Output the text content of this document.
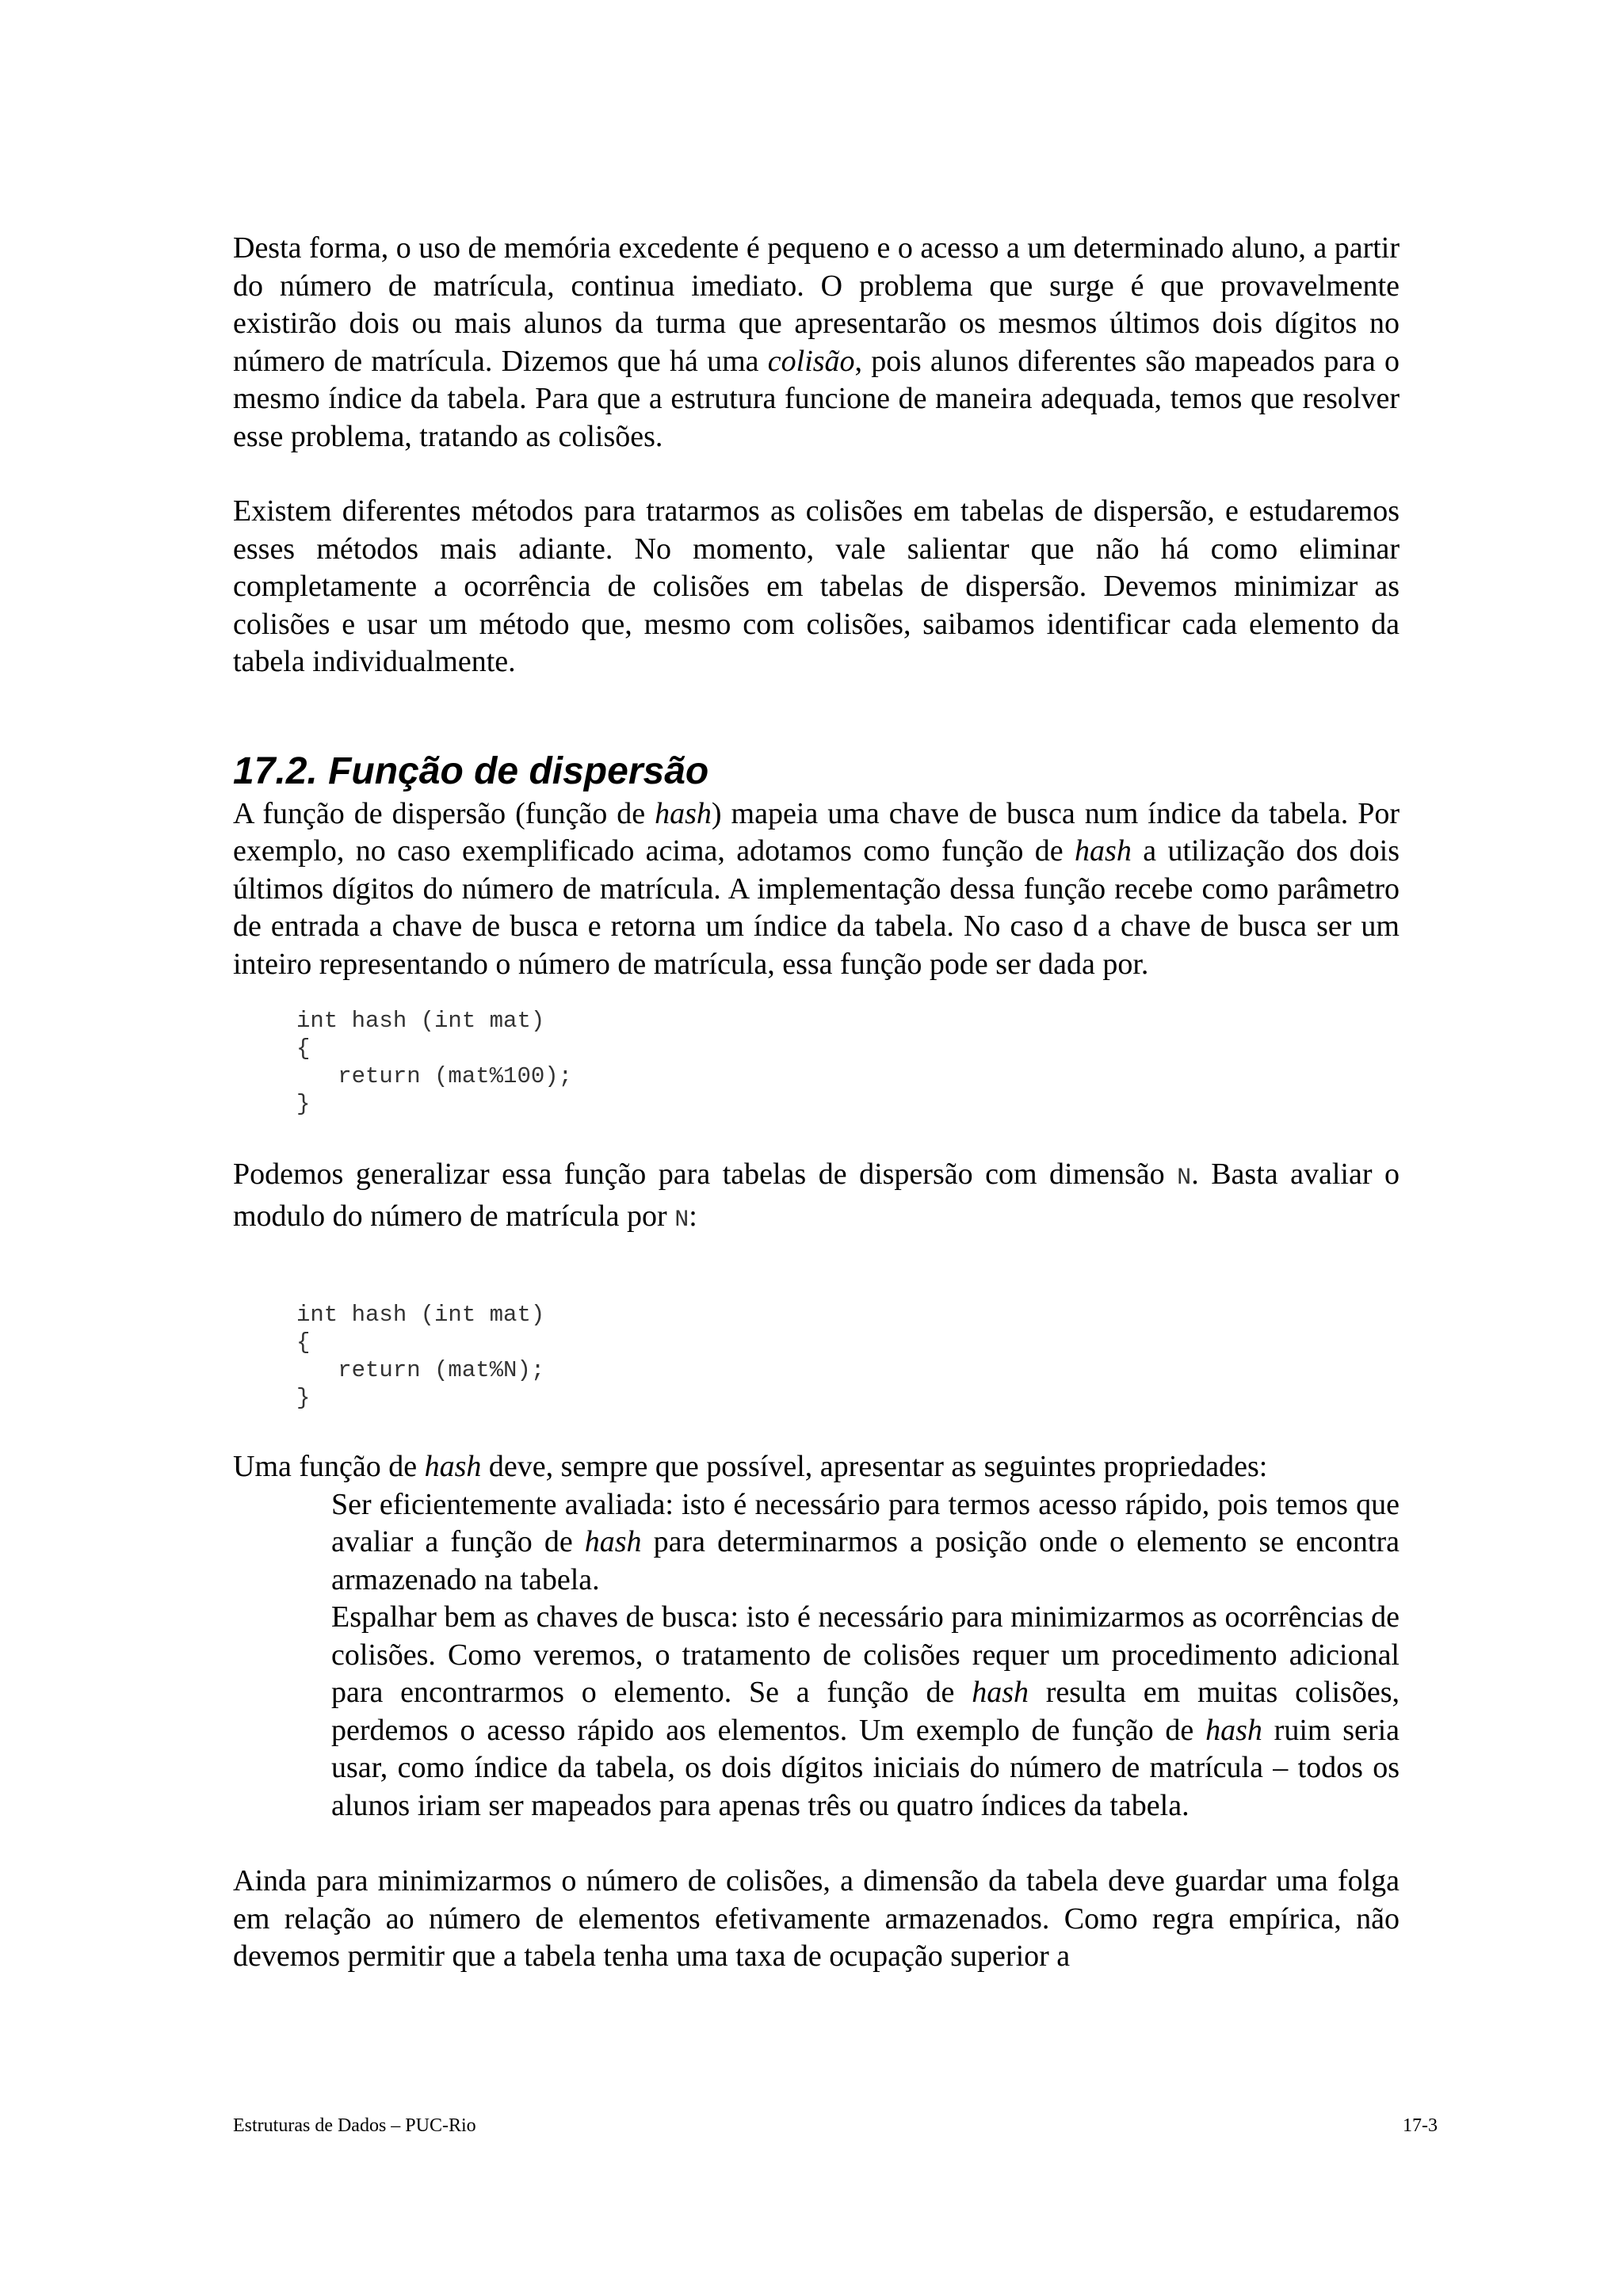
Desta forma, o uso de memória excedente é pequeno e o acesso a um determinado aluno, a partir do número de matrícula, continua imediato. O problema que surge é que provavelmente existirão dois ou mais alunos da turma que apresentarão os mesmos últimos dois dígitos no número de matrícula. Dizemos que há uma colisão, pois alunos diferentes são mapeados para o mesmo índice da tabela. Para que a estrutura funcione de maneira adequada, temos que resolver esse problema, tratando as colisões.

Existem diferentes métodos para tratarmos as colisões em tabelas de dispersão, e estudaremos esses métodos mais adiante. No momento, vale salientar que não há como eliminar completamente a ocorrência de colisões em tabelas de dispersão. Devemos minimizar as colisões e usar um método que, mesmo com colisões, saibamos identificar cada elemento da tabela individualmente.

17.2. Função de dispersão

A função de dispersão (função de hash) mapeia uma chave de busca num índice da tabela. Por exemplo, no caso exemplificado acima, adotamos como função de hash a utilização dos dois últimos dígitos do número de matrícula. A implementação dessa função recebe como parâmetro de entrada a chave de busca e retorna um índice da tabela. No caso d a chave de busca ser um inteiro representando o número de matrícula, essa função pode ser dada por.

int hash (int mat)
{
return (mat%100);
}

Podemos generalizar essa função para tabelas de dispersão com dimensão N. Basta avaliar o modulo do número de matrícula por N:

int hash (int mat)
{
return (mat%N);
}

Uma função de hash deve, sempre que possível, apresentar as seguintes propriedades:

Ser eficientemente avaliada: isto é necessário para termos acesso rápido, pois temos que avaliar a função de hash para determinarmos a posição onde o elemento se encontra armazenado na tabela.

Espalhar bem as chaves de busca: isto é necessário para minimizarmos as ocorrências de colisões. Como veremos, o tratamento de colisões requer um procedimento adicional para encontrarmos o elemento. Se a função de hash resulta em muitas colisões, perdemos o acesso rápido aos elementos. Um exemplo de função de hash ruim seria usar, como índice da tabela, os dois dígitos iniciais do número de matrícula – todos os alunos iriam ser mapeados para apenas três ou quatro índices da tabela.

Ainda para minimizarmos o número de colisões, a dimensão da tabela deve guardar uma folga em relação ao número de elementos efetivamente armazenados. Como regra empírica, não devemos permitir que a tabela tenha uma taxa de ocupação superior a

Estruturas de Dados – PUC-Rio	17-3
